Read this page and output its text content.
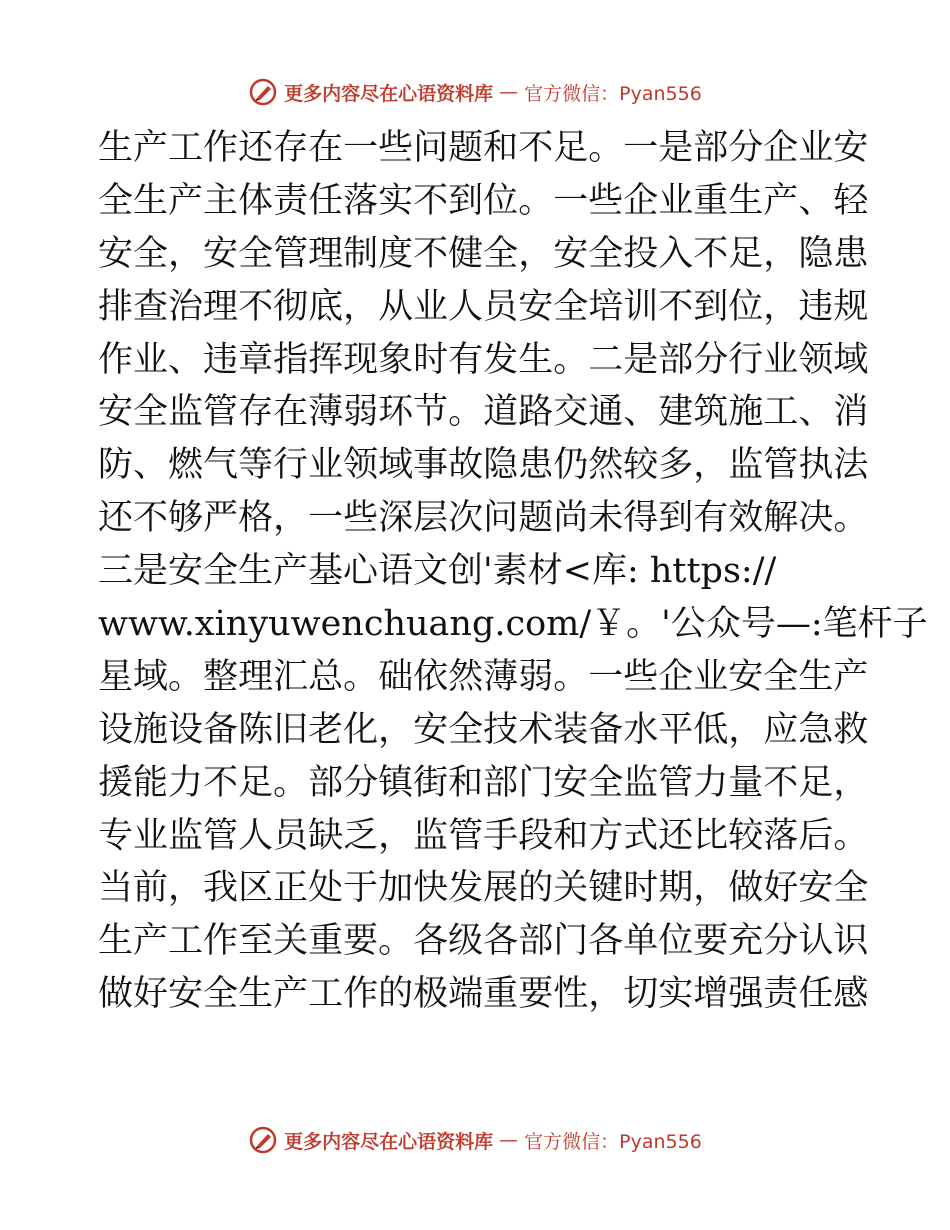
更多内容尽在心语资料库 — 官方微信：Pyan556
生 产 工 作 还 存 在 一 些 问 题 和 不 足 。 一 是 部 分 企 业 安
全 生 产 主 体 责 任 落 实 不 到 位 。 一 些 企 业 重 生 产 、 轻
安 全 ， 安 全 管 理 制 度 不 健 全 ， 安 全 投 入 不 足 ， 隐 患
排 查 治 理 不 彻 底 ， 从 业 人 员 安 全 培 训 不 到 位 ， 违 规
作 业 、 违 章 指 挥 现 象 时 有 发 生 。 二 是 部 分 行 业 领 域
安 全 监 管 存 在 薄 弱 环 节 。 道 路 交 通 、 建 筑 施 工 、 消
防 、 燃 气 等 行 业 领 域 事 故 隐 患 仍 然 较 多 ， 监 管 执 法
还 不 够 严 格 ， 一 些 深 层 次 问 题 尚 未 得 到 有 效 解 决 。
三是安全生产基心语文创'素材<库: https://
www.xinyuwenchuang.com/ ￥ 。 ' 公 众 号 — : 笔 杆 子
星 域 。 整 理 汇 总 。 础 依 然 薄 弱 。 一 些 企 业 安 全 生 产
设 施 设 备 陈 旧 老 化 ， 安 全 技 术 装 备 水 平 低 ， 应 急 救
援 能 力 不 足 。 部 分 镇 街 和 部 门 安 全 监 管 力 量 不 足 ，
专 业 监 管 人 员 缺 乏 ， 监 管 手 段 和 方 式 还 比 较 落 后 。
当 前 ， 我 区 正 处 于 加 快 发 展 的 关 键 时 期 ， 做 好 安 全
生 产 工 作 至 关 重 要 。 各 级 各 部 门 各 单 位 要 充 分 认 识
做 好 安 全 生 产 工 作 的 极 端 重 要 性 ， 切 实 增 强 责 任 感
更多内容尽在心语资料库 — 官方微信：Pyan556
